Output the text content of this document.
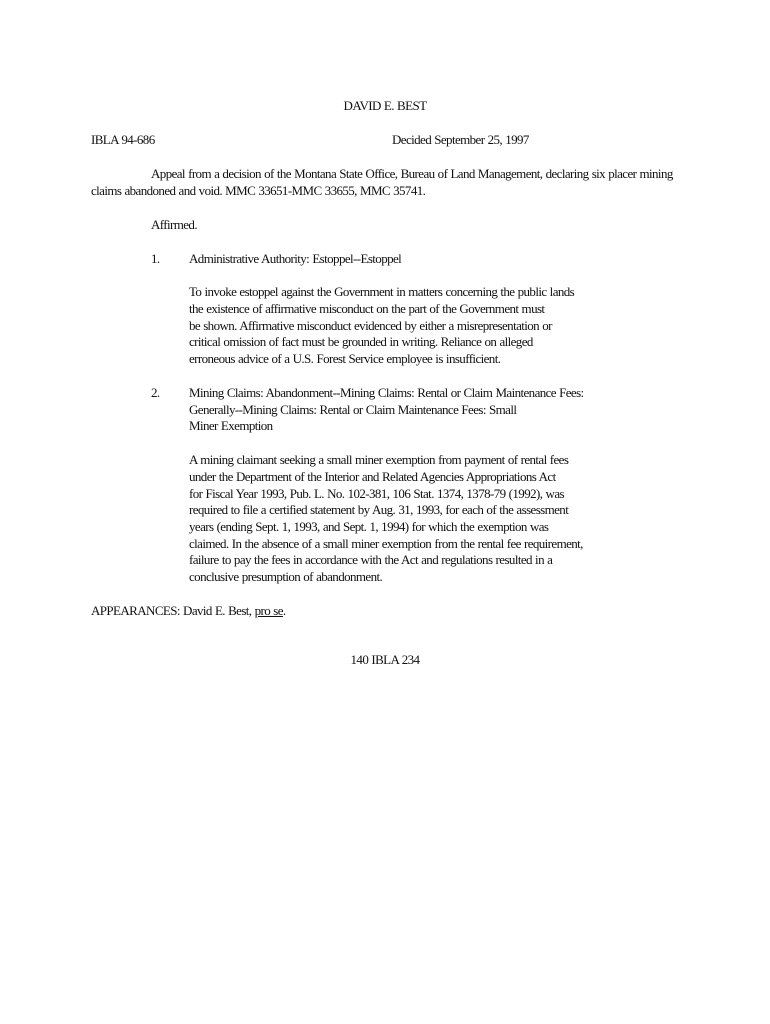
DAVID E. BEST
IBLA 94-686	Decided September 25, 1997
Appeal from a decision of the Montana State Office, Bureau of Land Management, declaring six placer mining
claims abandoned and void. MMC 33651-MMC 33655, MMC 35741.
Affirmed.
1. Administrative Authority: Estoppel--Estoppel
To invoke estoppel against the Government in matters concerning the public lands
the existence of affirmative misconduct on the part of the Government must
be shown. Affirmative misconduct evidenced by either a misrepresentation or
critical omission of fact must be grounded in writing. Reliance on alleged
erroneous advice of a U.S. Forest Service employee is insufficient.
2. Mining Claims: Abandonment--Mining Claims: Rental or Claim Maintenance Fees:
Generally--Mining Claims: Rental or Claim Maintenance Fees: Small
Miner Exemption
A mining claimant seeking a small miner exemption from payment of rental fees
under the Department of the Interior and Related Agencies Appropriations Act
for Fiscal Year 1993, Pub. L. No. 102-381, 106 Stat. 1374, 1378-79 (1992), was
required to file a certified statement by Aug. 31, 1993, for each of the assessment
years (ending Sept. 1, 1993, and Sept. 1, 1994) for which the exemption was
claimed. In the absence of a small miner exemption from the rental fee requirement,
failure to pay the fees in accordance with the Act and regulations resulted in a
conclusive presumption of abandonment.
APPEARANCES: David E. Best, pro se.
140 IBLA 234
